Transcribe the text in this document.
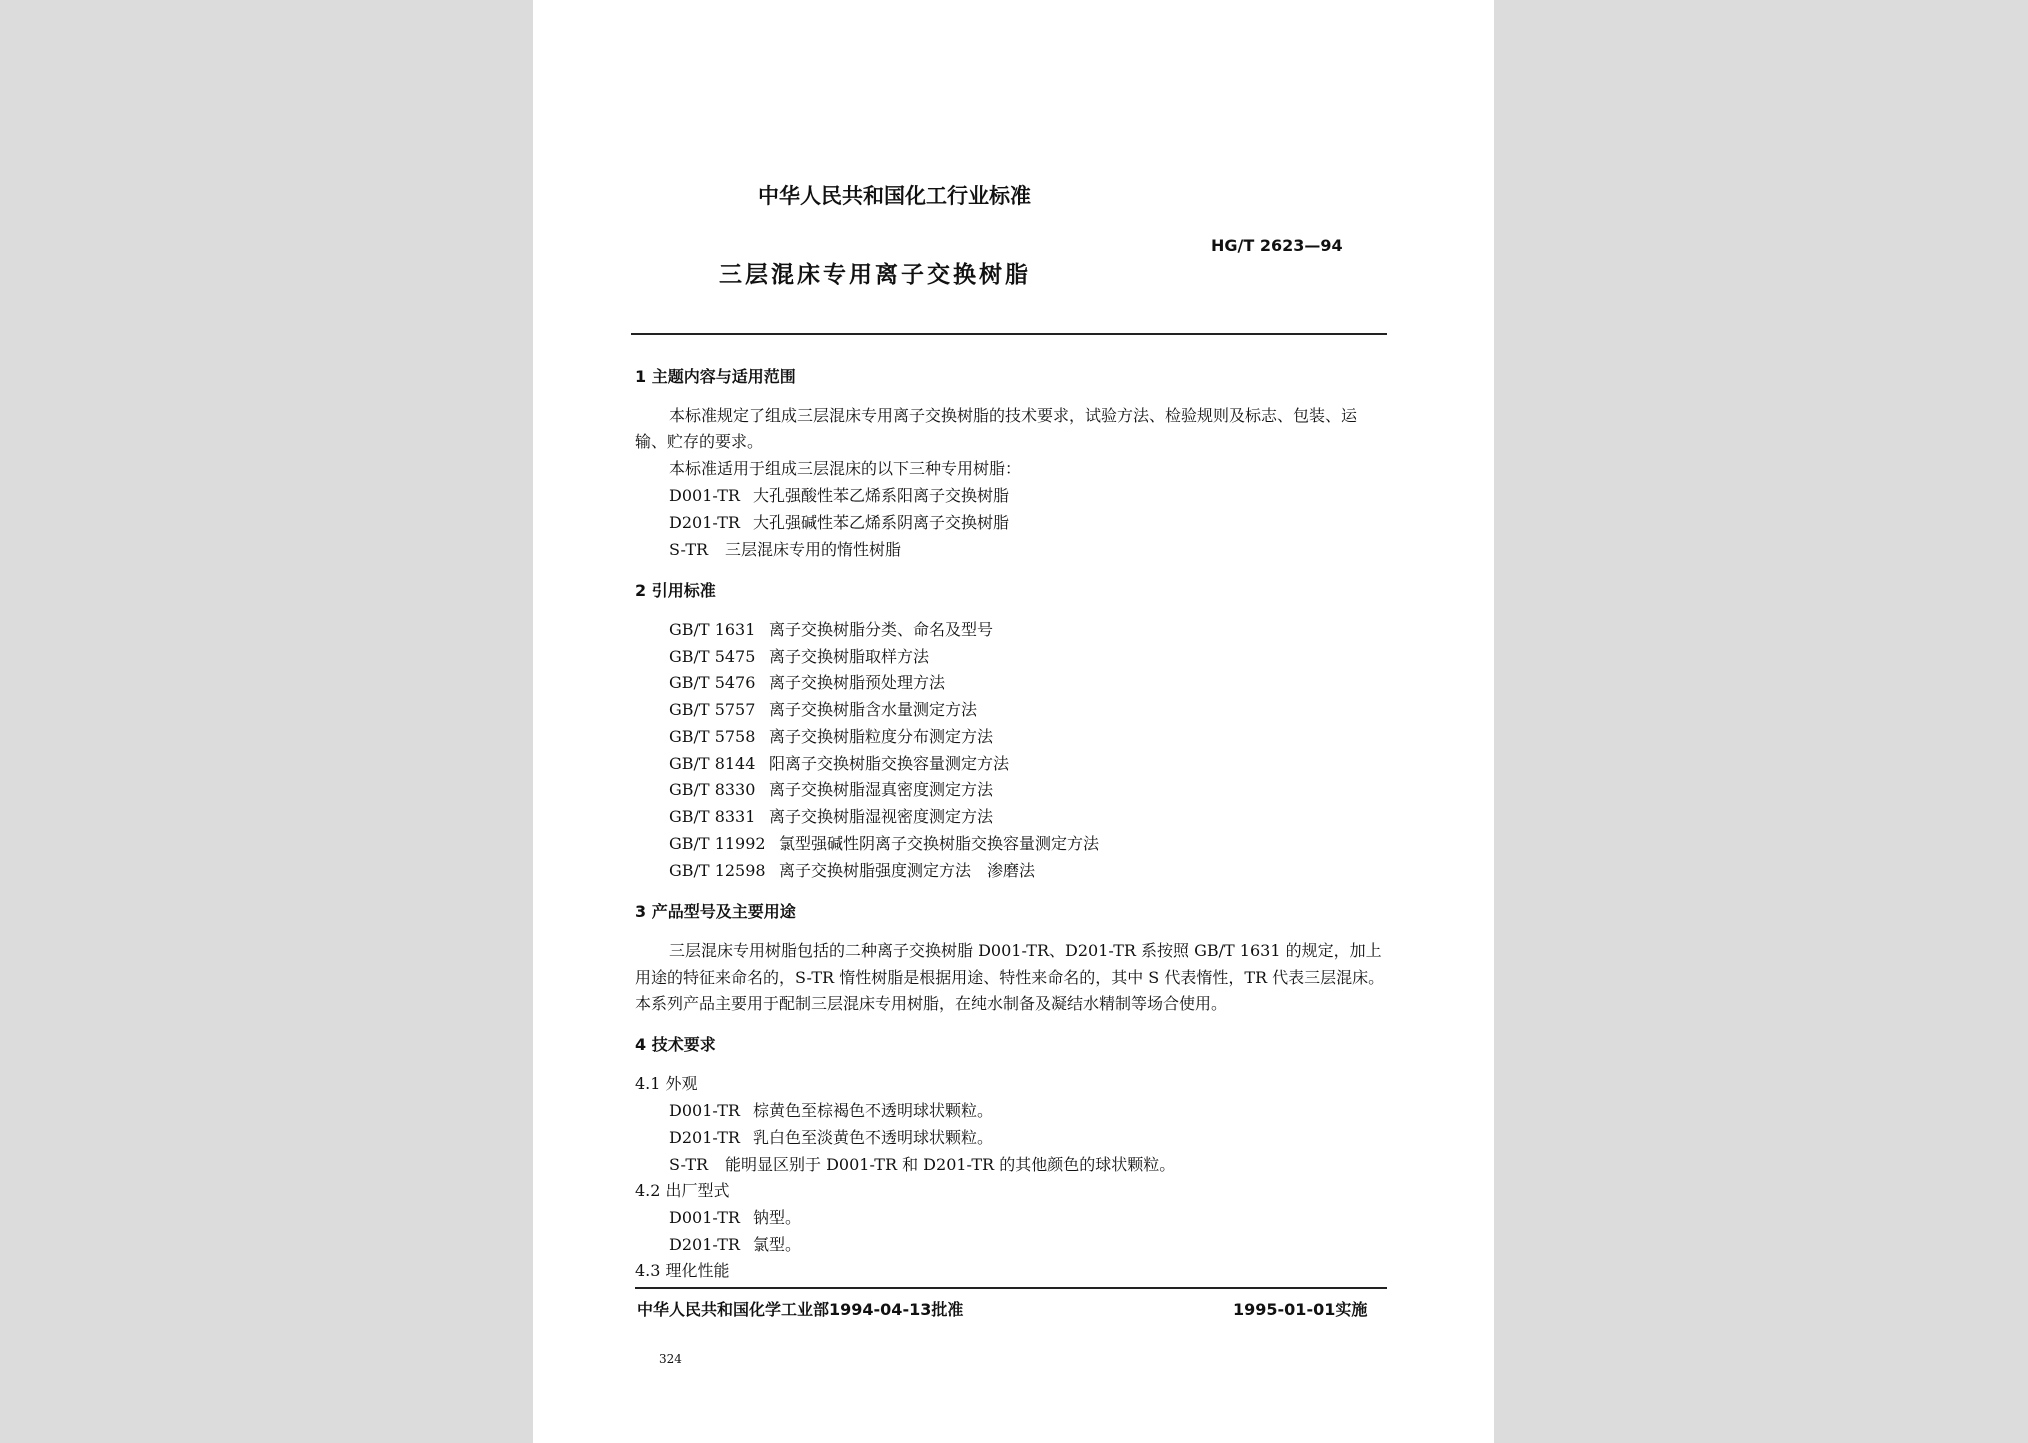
中华人民共和国化工行业标准
三层混床专用离子交换树脂
HG/T 2623—94
1 主题内容与适用范围
本标准规定了组成三层混床专用离子交换树脂的技术要求，试验方法、检验规则及标志、包装、运
输、贮存的要求。
本标准适用于组成三层混床的以下三种专用树脂：
D001-TR 大孔强酸性苯乙烯系阳离子交换树脂
D201-TR 大孔强碱性苯乙烯系阴离子交换树脂
S-TR 三层混床专用的惰性树脂
2 引用标准
GB/T 1631 离子交换树脂分类、命名及型号
GB/T 5475 离子交换树脂取样方法
GB/T 5476 离子交换树脂预处理方法
GB/T 5757 离子交换树脂含水量测定方法
GB/T 5758 离子交换树脂粒度分布测定方法
GB/T 8144 阳离子交换树脂交换容量测定方法
GB/T 8330 离子交换树脂湿真密度测定方法
GB/T 8331 离子交换树脂湿视密度测定方法
GB/T 11992 氯型强碱性阴离子交换树脂交换容量测定方法
GB/T 12598 离子交换树脂强度测定方法　渗磨法
3 产品型号及主要用途
三层混床专用树脂包括的二种离子交换树脂 D001-TR、D201-TR 系按照 GB/T 1631 的规定，加上
用途的特征来命名的，S-TR 惰性树脂是根据用途、特性来命名的，其中 S 代表惰性，TR 代表三层混床。
本系列产品主要用于配制三层混床专用树脂，在纯水制备及凝结水精制等场合使用。
4 技术要求
4.1 外观
D001-TR 棕黄色至棕褐色不透明球状颗粒。
D201-TR 乳白色至淡黄色不透明球状颗粒。
S-TR 能明显区别于 D001-TR 和 D201-TR 的其他颜色的球状颗粒。
4.2 出厂型式
D001-TR 钠型。
D201-TR 氯型。
4.3 理化性能
中华人民共和国化学工业部1994-04-13批准	1995-01-01实施
324
